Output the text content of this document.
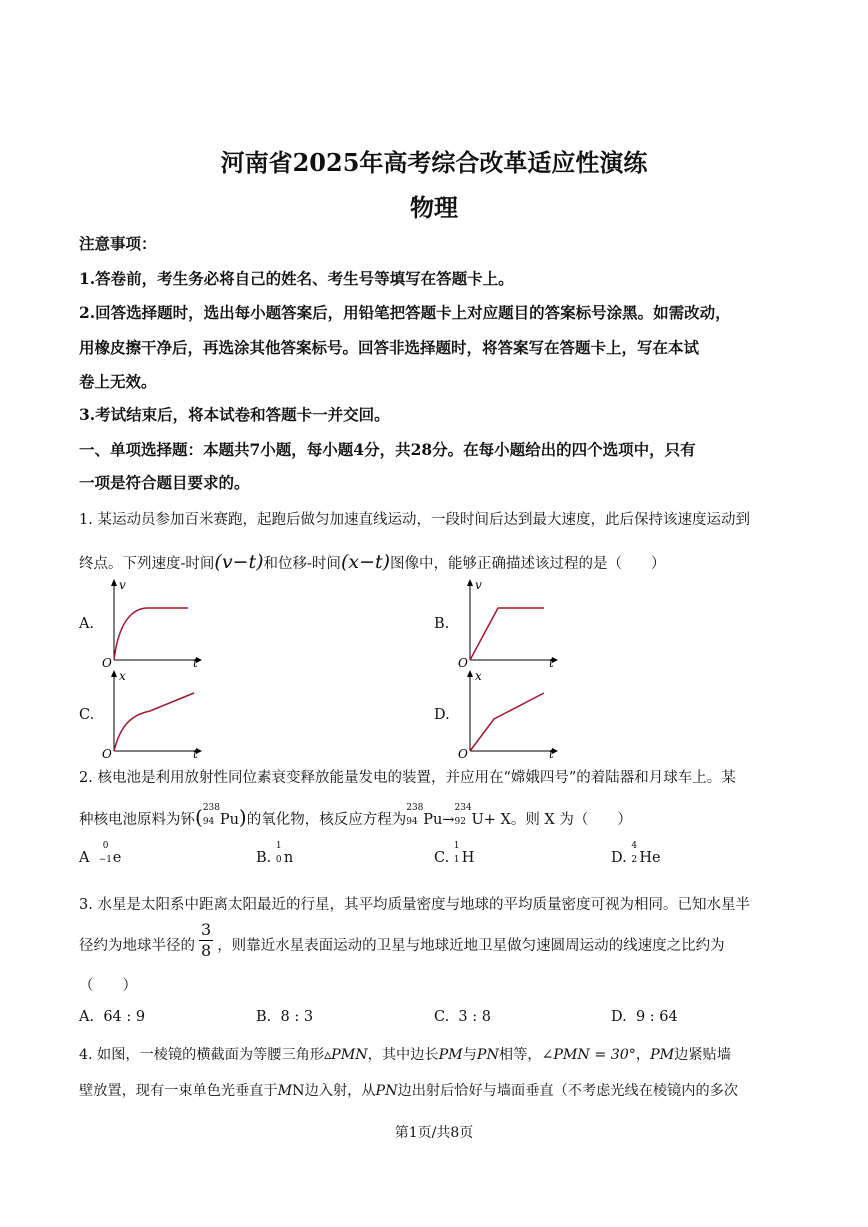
河南省2025年高考综合改革适应性演练
物理
注意事项：
1.答卷前，考生务必将自己的姓名、考生号等填写在答题卡上。
2.回答选择题时，选出每小题答案后，用铅笔把答题卡上对应题目的答案标号涂黑。如需改动，
用橡皮擦干净后，再选涂其他答案标号。回答非选择题时，将答案写在答题卡上，写在本试
卷上无效。
3.考试结束后，将本试卷和答题卡一并交回。
一、单项选择题：本题共7小题，每小题4分，共28分。在每小题给出的四个选项中，只有
一项是符合题目要求的。
1. 某运动员参加百米赛跑，起跑后做匀加速直线运动，一段时间后达到最大速度，此后保持该速度运动到
终点。下列速度-时间(v−t)和位移-时间(x−t)图像中，能够正确描述该过程的是（　　）
A.
v
t
O
B.
v
t
O
C.
x
t
O
D.
x
t
O
2. 核电池是利用放射性同位素衰变释放能量发电的装置，并应用在“嫦娥四号”的着陆器和月球车上。某
种核电池原料为钚( 238
94 Pu)的氧化物，核反应方程为
238
94 Pu→
234
92 U+ X。则 X 为（　　）
A
0
−1 e	B.
1
0 n	C.
1
1 H	D.
4
2 He
3. 水星是太阳系中距离太阳最近的行星，其平均质量密度与地球的平均质量密度可视为相同。已知水星半
径约为地球半径的 $\frac{3}{8}$ ，则靠近水星表面运动的卫星与地球近地卫星做匀速圆周运动的线速度之比约为
（　　）
A. 64 : 9	B. 8 : 3	C. 3 : 8	D. 9 : 64
4. 如图，一棱镜的横截面为等腰三角形▵PMN，其中边长PM与PN相等，∠PMN = 30°，PM边紧贴墙
壁放置，现有一束单色光垂直于MN边入射，从PN边出射后恰好与墙面垂直（不考虑光线在棱镜内的多次
第1页/共8页
